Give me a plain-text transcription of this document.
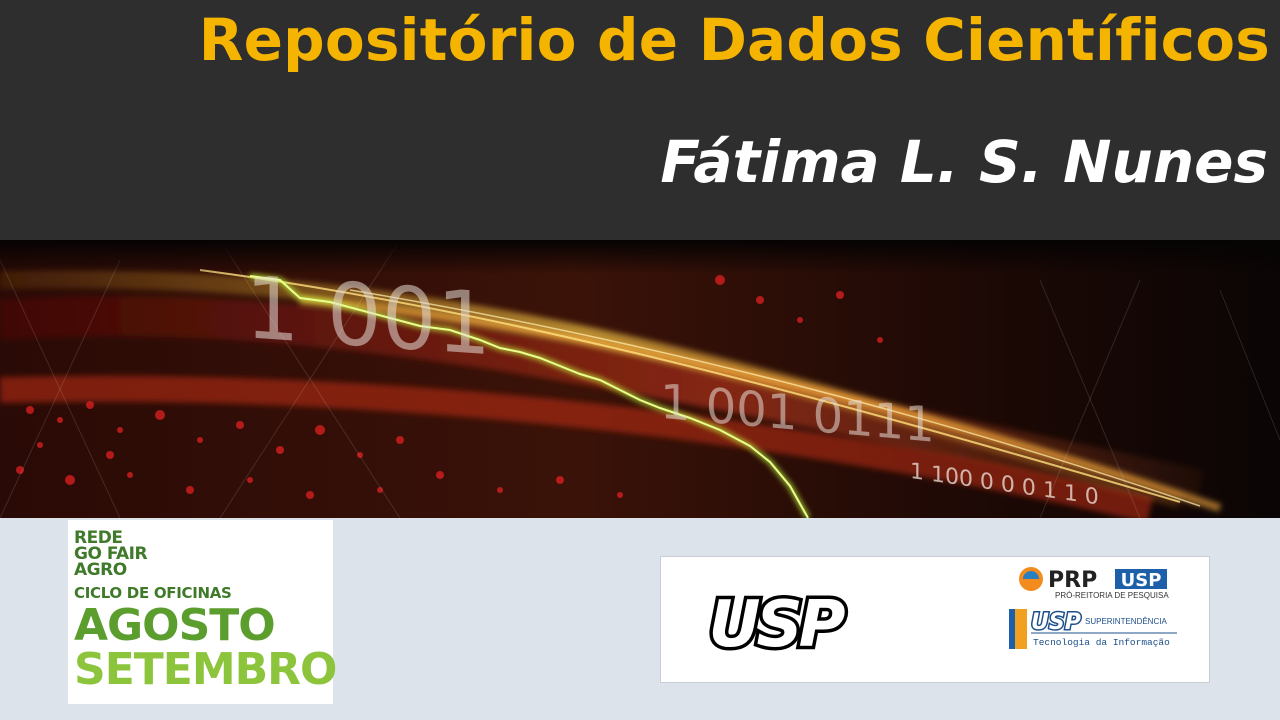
Repositório de Dados Científicos
Fátima L. S. Nunes
1 001
1 001 0111
1 100 0 0 0 1 1 0

REDE

GO FAIR

AGRO

CICLO DE OFICINAS

AGOSTO

SETEMBRO

USP
PRP USP

PRÓ-REITORIA DE PESQUISA

USP SUPERINTENDÊNCIA

Tecnologia da Informação
